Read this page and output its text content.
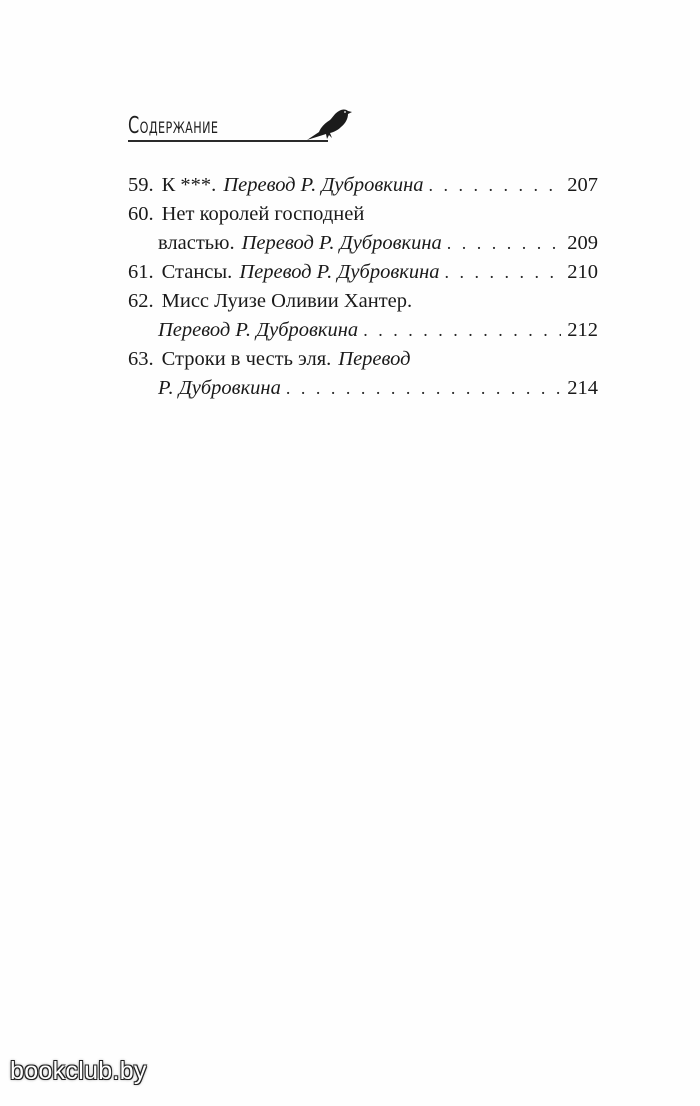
Содержание
59. К ***. Перевод Р. Дубровкина . . .	207
60. Нет королей господней
властью. Перевод Р. Дубровкина . . .	209
61. Стансы. Перевод Р. Дубровкина . . .	210
62. Мисс Луизе Оливии Хантер.
Перевод Р. Дубровкина . . .	212
63. Строки в честь эля. Перевод
Р. Дубровкина . . .	214
bookclub.by
